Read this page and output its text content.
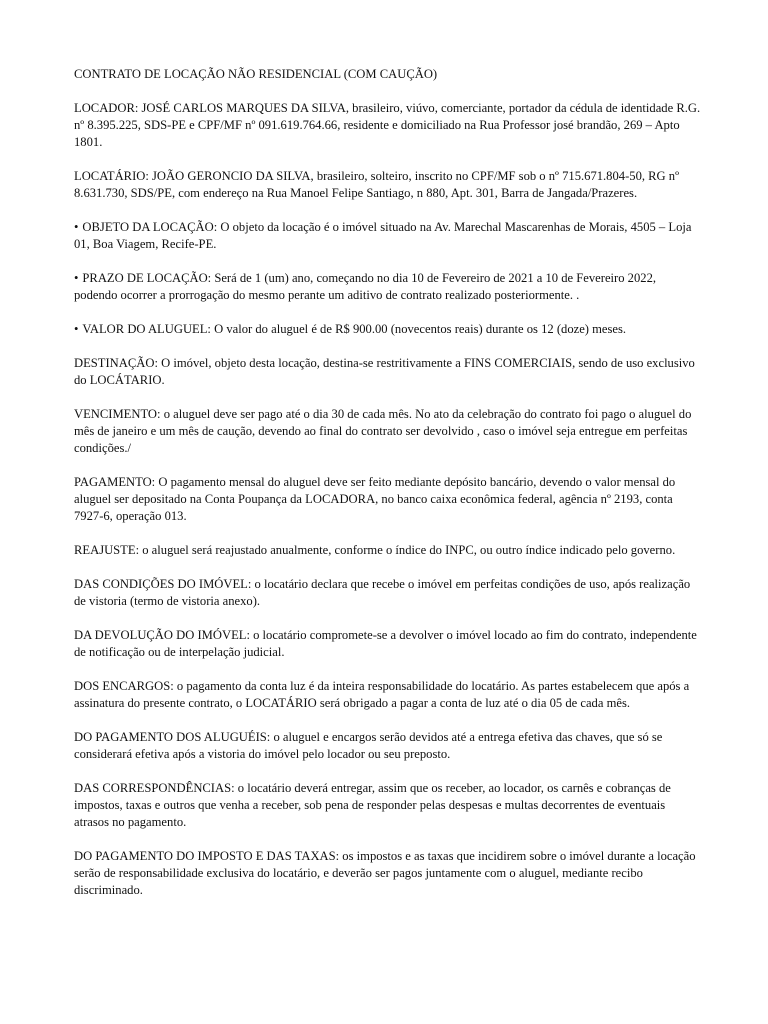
CONTRATO DE LOCAÇÃO NÃO RESIDENCIAL (COM CAUÇÃO)

LOCADOR: JOSÉ CARLOS MARQUES DA SILVA, brasileiro, viúvo, comerciante, portador da cédula de identidade R.G. nº 8.395.225, SDS-PE e CPF/MF nº 091.619.764.66, residente e domiciliado na Rua Professor josé brandão, 269 – Apto 1801.

LOCATÁRIO: JOÃO GERONCIO DA SILVA, brasileiro, solteiro, inscrito no CPF/MF sob o nº 715.671.804-50, RG nº 8.631.730, SDS/PE, com endereço na Rua Manoel Felipe Santiago, n 880, Apt. 301, Barra de Jangada/Prazeres.

• OBJETO DA LOCAÇÃO: O objeto da locação é o imóvel situado na Av. Marechal Mascarenhas de Morais, 4505 – Loja 01, Boa Viagem, Recife-PE.

• PRAZO DE LOCAÇÃO: Será de 1 (um) ano, começando no dia 10 de Fevereiro de 2021 a 10 de Fevereiro 2022, podendo ocorrer a prorrogação do mesmo perante um aditivo de contrato realizado posteriormente. .

• VALOR DO ALUGUEL: O valor do aluguel é de R$ 900.00 (novecentos reais) durante os 12 (doze) meses.

DESTINAÇÃO: O imóvel, objeto desta locação, destina-se restritivamente a FINS COMERCIAIS, sendo de uso exclusivo do LOCÁTARIO.

VENCIMENTO: o aluguel deve ser pago até o dia 30 de cada mês. No ato da celebração do contrato foi pago o aluguel do mês de janeiro e um mês de caução, devendo ao final do contrato ser devolvido , caso o imóvel seja entregue em perfeitas condições./

PAGAMENTO: O pagamento mensal do aluguel deve ser feito mediante depósito bancário, devendo o valor mensal do aluguel ser depositado na Conta Poupança da LOCADORA, no banco caixa econômica federal, agência nº 2193, conta 7927-6, operação 013.

REAJUSTE: o aluguel será reajustado anualmente, conforme o índice do INPC, ou outro índice indicado pelo governo.

DAS CONDIÇÕES DO IMÓVEL: o locatário declara que recebe o imóvel em perfeitas condições de uso, após realização de vistoria (termo de vistoria anexo).

DA DEVOLUÇÃO DO IMÓVEL: o locatário compromete-se a devolver o imóvel locado ao fim do contrato, independente de notificação ou de interpelação judicial.

DOS ENCARGOS: o pagamento da conta luz é da inteira responsabilidade do locatário. As partes estabelecem que após a assinatura do presente contrato, o LOCATÁRIO será obrigado a pagar a conta de luz até o dia 05 de cada mês.

DO PAGAMENTO DOS ALUGUÉIS: o aluguel e encargos serão devidos até a entrega efetiva das chaves, que só se considerará efetiva após a vistoria do imóvel pelo locador ou seu preposto.

DAS CORRESPONDÊNCIAS: o locatário deverá entregar, assim que os receber, ao locador, os carnês e cobranças de impostos, taxas e outros que venha a receber, sob pena de responder pelas despesas e multas decorrentes de eventuais atrasos no pagamento.

DO PAGAMENTO DO IMPOSTO E DAS TAXAS: os impostos e as taxas que incidirem sobre o imóvel durante a locação serão de responsabilidade exclusiva do locatário, e deverão ser pagos juntamente com o aluguel, mediante recibo discriminado.
